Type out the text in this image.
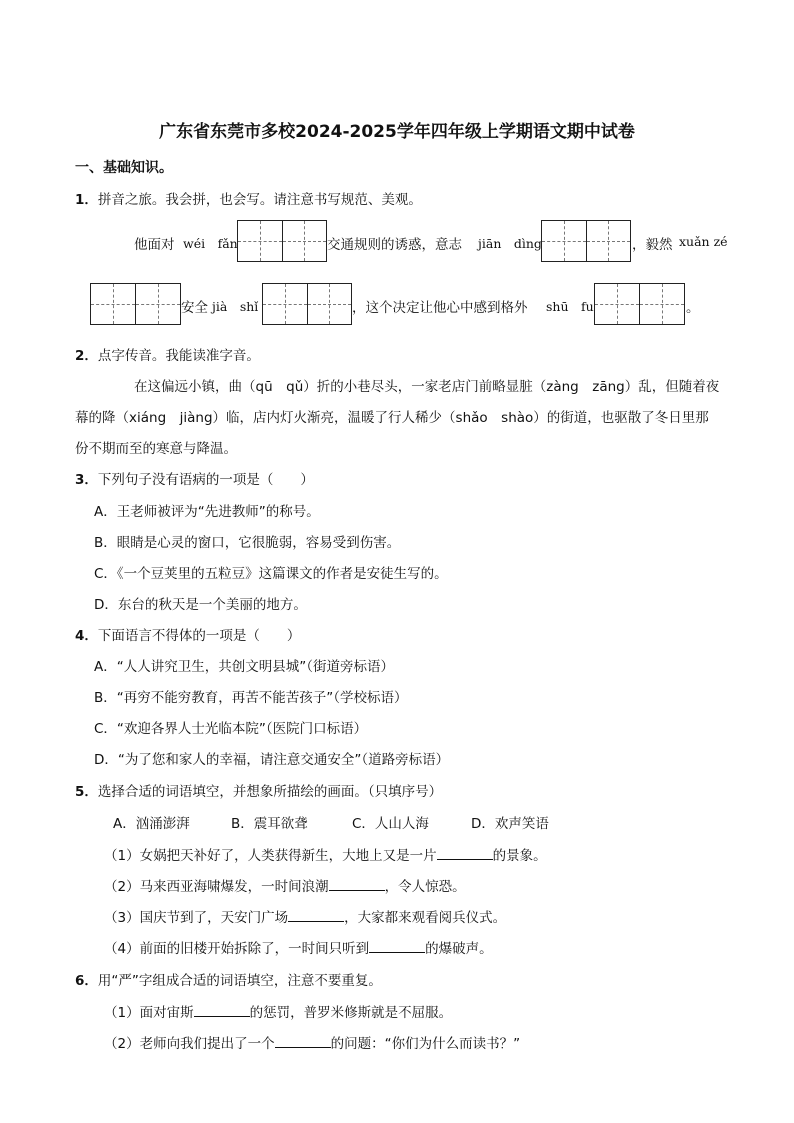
广东省东莞市多校2024-2025学年四年级上学期语文期中试卷
一、基础知识。
1．拼音之旅。我会拼，也会写。请注意书写规范、美观。
他面对 wéi　fǎn	交通规则的诱惑，意志 jiān　dìng	，毅然 xuǎn zé
安全 jià　shǐ	，这个决定让他心中感到格外 shū　fu	。
2．点字传音。我能读准字音。
在这偏远小镇，曲（qū　qǔ）折的小巷尽头，一家老店门前略显脏（zàng　zāng）乱，但随着夜
幕的降（xiáng　jiàng）临，店内灯火渐亮，温暖了行人稀少（shǎo　shào）的街道，也驱散了冬日里那
份不期而至的寒意与降温。
3．下列句子没有语病的一项是（　　）
A．王老师被评为“先进教师”的称号。
B．眼睛是心灵的窗口，它很脆弱，容易受到伤害。
C．《一个豆荚里的五粒豆》这篇课文的作者是安徒生写的。
D．东台的秋天是一个美丽的地方。
4．下面语言不得体的一项是（　　）
A．“人人讲究卫生，共创文明县城”（街道旁标语）
B．“再穷不能穷教育，再苦不能苦孩子”（学校标语）
C．“欢迎各界人士光临本院”（医院门口标语）
D．“为了您和家人的幸福，请注意交通安全”（道路旁标语）
5．选择合适的词语填空，并想象所描绘的画面。（只填序号）
A．汹涌澎湃	B．震耳欲聋	C．人山人海	D．欢声笑语
（1）女娲把天补好了，人类获得新生，大地上又是一片	的景象。
（2）马来西亚海啸爆发，一时间浪潮	，令人惊恐。
（3）国庆节到了，天安门广场	，大家都来观看阅兵仪式。
（4）前面的旧楼开始拆除了，一时间只听到	的爆破声。
6．用“严”字组成合适的词语填空，注意不要重复。
（1）面对宙斯	的惩罚，普罗米修斯就是不屈服。
（2）老师向我们提出了一个	的问题：“你们为什么而读书？”
